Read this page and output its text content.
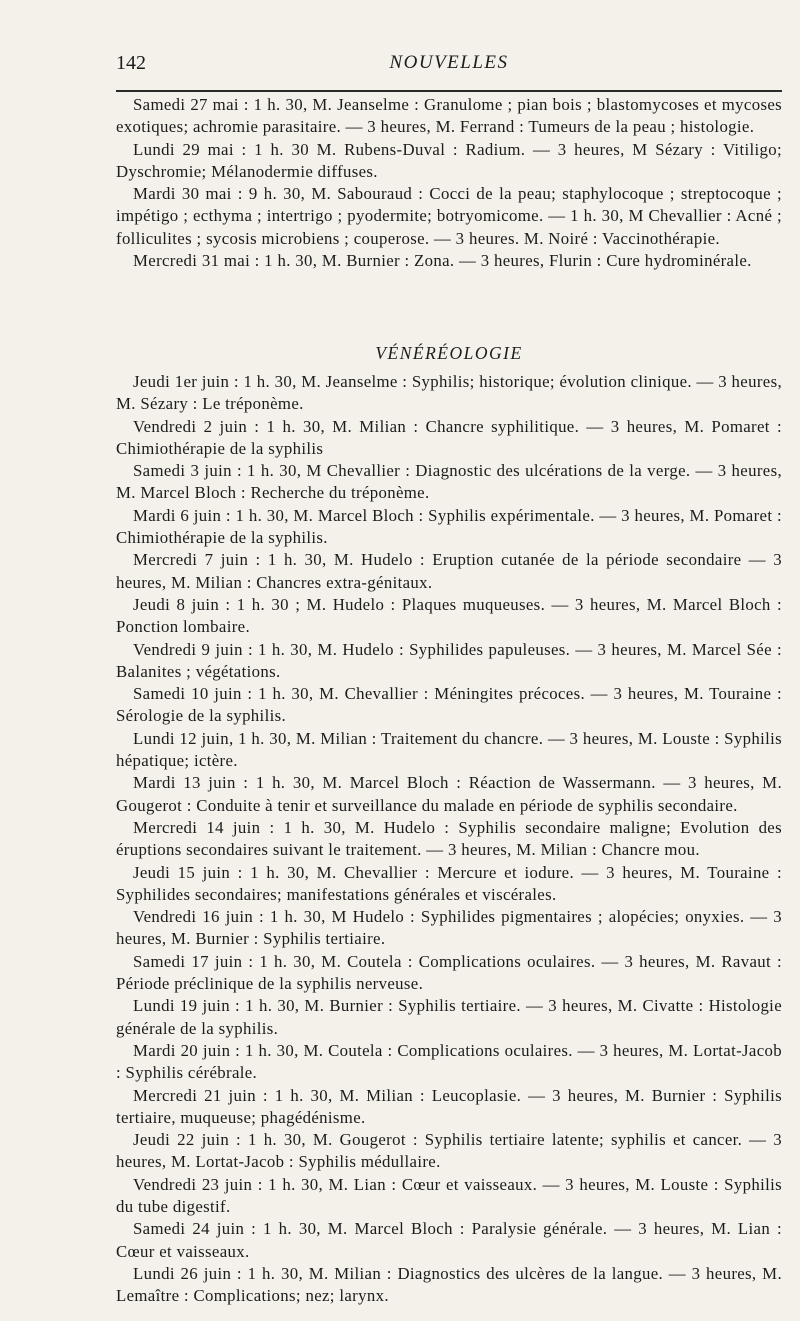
142	NOUVELLES

Samedi 27 mai : 1 h. 30, M. Jeanselme : Granulome ; pian bois ; blastomycoses et mycoses exotiques; achromie parasitaire. — 3 heures, M. Ferrand : Tumeurs de la peau ; histologie.

Lundi 29 mai : 1 h. 30 M. Rubens-Duval : Radium. — 3 heures, M Sézary : Vitiligo; Dyschromie; Mélanodermie diffuses.

Mardi 30 mai : 9 h. 30, M. Sabouraud : Cocci de la peau; staphylocoque ; streptocoque ; impétigo ; ecthyma ; intertrigo ; pyodermite; botryomicome. — 1 h. 30, M Chevallier : Acné ; folliculites ; sycosis microbiens ; couperose. — 3 heures. M. Noiré : Vaccinothérapie.

Mercredi 31 mai : 1 h. 30, M. Burnier : Zona. — 3 heures, Flurin : Cure hydrominérale.

VÉNÉRÉOLOGIE

Jeudi 1er juin : 1 h. 30, M. Jeanselme : Syphilis; historique; évolution clinique. — 3 heures, M. Sézary : Le tréponème.

Vendredi 2 juin : 1 h. 30, M. Milian : Chancre syphilitique. — 3 heures, M. Pomaret : Chimiothérapie de la syphilis

Samedi 3 juin : 1 h. 30, M Chevallier : Diagnostic des ulcérations de la verge. — 3 heures, M. Marcel Bloch : Recherche du tréponème.

Mardi 6 juin : 1 h. 30, M. Marcel Bloch : Syphilis expérimentale. — 3 heures, M. Pomaret : Chimiothérapie de la syphilis.

Mercredi 7 juin : 1 h. 30, M. Hudelo : Eruption cutanée de la période secondaire — 3 heures, M. Milian : Chancres extra-génitaux.

Jeudi 8 juin : 1 h. 30 ; M. Hudelo : Plaques muqueuses. — 3 heures, M. Marcel Bloch : Ponction lombaire.

Vendredi 9 juin : 1 h. 30, M. Hudelo : Syphilides papuleuses. — 3 heures, M. Marcel Sée : Balanites ; végétations.

Samedi 10 juin : 1 h. 30, M. Chevallier : Méningites précoces. — 3 heures, M. Touraine : Sérologie de la syphilis.

Lundi 12 juin, 1 h. 30, M. Milian : Traitement du chancre. — 3 heures, M. Louste : Syphilis hépatique; ictère.

Mardi 13 juin : 1 h. 30, M. Marcel Bloch : Réaction de Wassermann. — 3 heures, M. Gougerot : Conduite à tenir et surveillance du malade en période de syphilis secondaire.

Mercredi 14 juin : 1 h. 30, M. Hudelo : Syphilis secondaire maligne; Evolution des éruptions secondaires suivant le traitement. — 3 heures, M. Milian : Chancre mou.

Jeudi 15 juin : 1 h. 30, M. Chevallier : Mercure et iodure. — 3 heures, M. Touraine : Syphilides secondaires; manifestations générales et viscérales.

Vendredi 16 juin : 1 h. 30, M Hudelo : Syphilides pigmentaires ; alopécies; onyxies. — 3 heures, M. Burnier : Syphilis tertiaire.

Samedi 17 juin : 1 h. 30, M. Coutela : Complications oculaires. — 3 heures, M. Ravaut : Période préclinique de la syphilis nerveuse.

Lundi 19 juin : 1 h. 30, M. Burnier : Syphilis tertiaire. — 3 heures, M. Civatte : Histologie générale de la syphilis.

Mardi 20 juin : 1 h. 30, M. Coutela : Complications oculaires. — 3 heures, M. Lortat-Jacob : Syphilis cérébrale.

Mercredi 21 juin : 1 h. 30, M. Milian : Leucoplasie. — 3 heures, M. Burnier : Syphilis tertiaire, muqueuse; phagédénisme.

Jeudi 22 juin : 1 h. 30, M. Gougerot : Syphilis tertiaire latente; syphilis et cancer. — 3 heures, M. Lortat-Jacob : Syphilis médullaire.

Vendredi 23 juin : 1 h. 30, M. Lian : Cœur et vaisseaux. — 3 heures, M. Louste : Syphilis du tube digestif.

Samedi 24 juin : 1 h. 30, M. Marcel Bloch : Paralysie générale. — 3 heures, M. Lian : Cœur et vaisseaux.

Lundi 26 juin : 1 h. 30, M. Milian : Diagnostics des ulcères de la langue. — 3 heures, M. Lemaître : Complications; nez; larynx.
